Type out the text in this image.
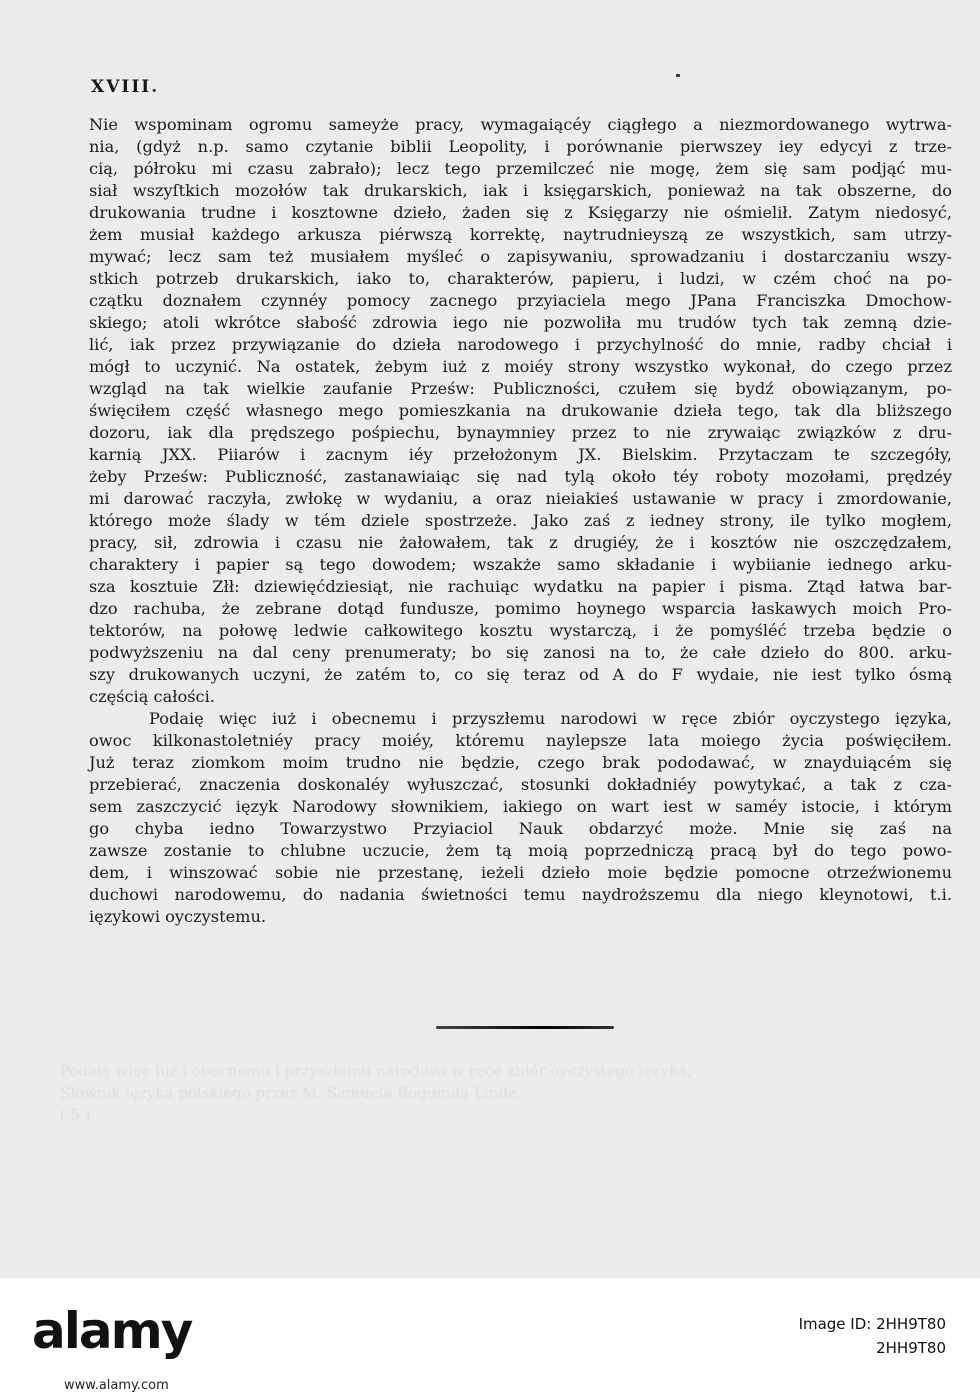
Podaię więc iuż i obecnemu i przyszłemu narodowi w ręce zbiór oyczystego ięzyka,
Słownik ięzyka polskiego przez M. Samuela Bogumiła Linde.
( 5 )
XVIII.
Nie wspominam ogromu sameyże pracy, wymagaiącéy ciągłego a niezmordowanego wytrwa-
nia, (gdyż n.p. samo czytanie biblii Leopolity, i porównanie pierwszey iey edycyi z trze-
cią, półroku mi czasu zabrało); lecz tego przemilczeć nie mogę, żem się sam podjąć mu-
siał wszyſtkich mozołów tak drukarskich, iak i księgarskich, ponieważ na tak obszerne, do
drukowania trudne i kosztowne dzieło, żaden się z Księgarzy nie ośmielił. Zatym niedosyć,
żem musiał każdego arkusza piérwszą korrektę, naytrudnieyszą ze wszystkich, sam utrzy-
mywać; lecz sam też musiałem myśleć o zapisywaniu, sprowadzaniu i dostarczaniu wszy-
stkich potrzeb drukarskich, iako to, charakterów, papieru, i ludzi, w czém choć na po-
czątku doznałem czynnéy pomocy zacnego przyiaciela mego JPana Franciszka Dmochow-
skiego; atoli wkrótce słabość zdrowia iego nie pozwoliła mu trudów tych tak zemną dzie-
lić, iak przez przywiązanie do dzieła narodowego i przychylność do mnie, radby chciał i
mógł to uczynić. Na ostatek, żebym iuż z moiéy strony wszystko wykonał, do czego przez
wzgląd na tak wielkie zaufanie Prześw: Publiczności, czułem się bydź obowiązanym, po-
święciłem część własnego mego pomieszkania na drukowanie dzieła tego, tak dla bliższego
dozoru, iak dla prędszego pośpiechu, bynaymniey przez to nie zrywaiąc związków z dru-
karnią JXX. Piiarów i zacnym iéy przełożonym JX. Bielskim. Przytaczam te szczegóły,
żeby Prześw: Publiczność, zastanawiaiąc się nad tylą około téy roboty mozołami, prędzéy
mi darować raczyła, zwłokę w wydaniu, a oraz nieiakieś ustawanie w pracy i zmordowanie,
którego może ślady w tém dziele spostrzeże. Jako zaś z iedney strony, ile tylko mogłem,
pracy, sił, zdrowia i czasu nie żałowałem, tak z drugiéy, że i kosztów nie oszczędzałem,
charaktery i papier są tego dowodem; wszakże samo składanie i wybiianie iednego arku-
sza kosztuie Złł: dziewięćdziesiąt, nie rachuiąc wydatku na papier i pisma. Ztąd łatwa bar-
dzo rachuba, że zebrane dotąd fundusze, pomimo hoynego wsparcia łaskawych moich Pro-
tektorów, na połowę ledwie całkowitego kosztu wystarczą, i że pomyśléć trzeba będzie o
podwyższeniu na dal ceny prenumeraty; bo się zanosi na to, że całe dzieło do 800. arku-
szy drukowanych uczyni, że zatém to, co się teraz od A do F wydaie, nie iest tylko ósmą
częścią całości.
Podaię więc iuż i obecnemu i przyszłemu narodowi w ręce zbiór oyczystego ięzyka,
owoc kilkonastoletniéy pracy moiéy, któremu naylepsze lata moiego życia poświęciłem.
Już teraz ziomkom moim trudno nie będzie, czego brak pododawać, w znayduiącém się
przebierać, znaczenia doskonaléy wyłuszczać, stosunki dokładniéy powytykać, a tak z cza-
sem zaszczycić ięzyk Narodowy słownikiem, iakiego on wart iest w saméy istocie, i którym
go chyba iedno Towarzystwo Przyiaciol Nauk obdarzyć może. Mnie się zaś na
zawsze zostanie to chlubne uczucie, żem tą moią poprzedniczą pracą był do tego powo-
dem, i winszować sobie nie przestanę, ieżeli dzieło moie będzie pomocne otrzeźwionemu
duchowi narodowemu, do nadania świetności temu naydroższemu dla niego kleynotowi, t.i.
ięzykowi oyczystemu.
alamy
www.alamy.com
Image ID: 2HH9T80
2HH9T80
